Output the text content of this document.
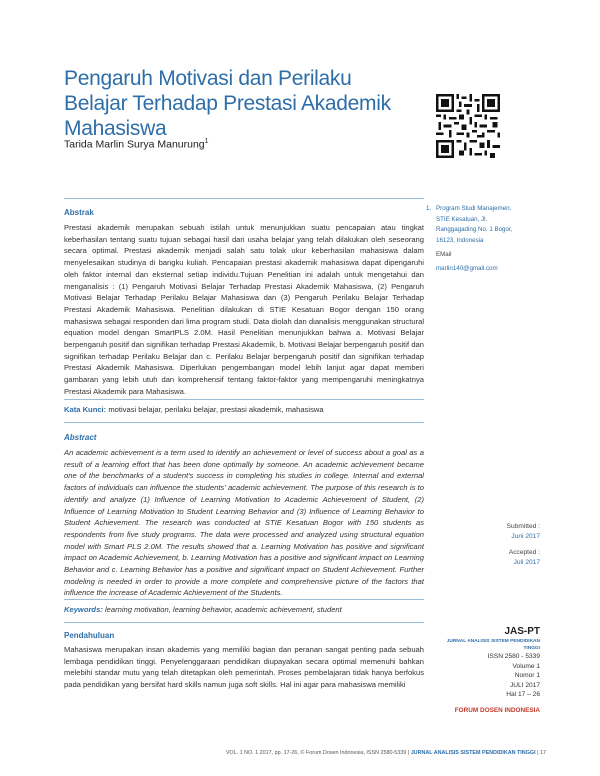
Pengaruh Motivasi dan Perilaku Belajar Terhadap Prestasi Akademik Mahasiswa
Tarida Marlin Surya Manurung$^1$
1. Program Studi Manajemen,
STIE Kesatuan, Jl.
Ranggagading No. 1 Bogor,
16123, Indonesia
EMail
marlin140@gmail.com
Abstrak

Prestasi akademik merupakan sebuah istilah untuk menunjukkan suatu pencapaian atau tingkat keberhasilan tentang suatu tujuan sebagai hasil dari usaha belajar yang telah dilakukan oleh seseorang secara optimal. Prestasi akademik menjadi salah satu tolak ukur keberhasilan mahasiswa dalam menyelesaikan studinya di bangku kuliah. Pencapaian prestasi akademik mahasiswa dapat dipengaruhi oleh faktor internal dan eksternal setiap individu.Tujuan Penelitian ini adalah untuk mengetahui dan menganalisis : (1) Pengaruh Motivasi Belajar Terhadap Prestasi Akademik Mahasiswa, (2) Pengaruh Motivasi Belajar Terhadap Perilaku Belajar Mahasiswa dan (3) Pengaruh Perilaku Belajar Terhadap Prestasi Akademik Mahasiswa. Penelitian dilakukan di STIE Kesatuan Bogor dengan 150 orang mahasiswa sebagai responden dari lima program studi. Data diolah dan dianalisis menggunakan structural equation model dengan SmartPLS 2.0M. Hasil Penelitian menunjukkan bahwa a. Motivasi Belajar berpengaruh positif dan signifikan terhadap Prestasi Akademik, b. Motivasi Belajar berpengaruh positif dan signifikan terhadap Perilaku Belajar dan c. Perilaku Belajar berpengaruh positif dan signifikan terhadap Prestasi Akademik Mahasiswa. Diperlukan pengembangan model lebih lanjut agar dapat memberi gambaran yang lebih utuh dan komprehensif tentang faktor-faktor yang mempengaruhi meningkatnya Prestasi Akademik para Mahasiswa.

Kata Kunci: motivasi belajar, perilaku belajar, prestasi akademik, mahasiswa
Abstract

An academic achievement is a term used to identify an achievement or level of success about a goal as a result of a learning effort that has been done optimally by someone. An academic achievement became one of the benchmarks of a student's success in completing his studies in college. Internal and external factors of individuals can influence the students' academic achievement. The purpose of this research is to identify and analyze (1) Influence of Learning Motivation to Academic Achievement of Student, (2) Influence of Learning Motivation to Student Learning Behavior and (3) Influence of Learning Behavior to Student Achievement. The research was conducted at STIE Kesatuan Bogor with 150 students as respondents from five study programs. The data were processed and analyzed using structural equation model with Smart PLS 2.0M. The results showed that a. Learning Motivation has positive and significant impact on Academic Achievement, b. Learning Motivation has a positive and significant impact on Learning Behavior and c. Learning Behavior has a positive and significant impact on Student Achievement. Further modeling is needed in order to provide a more complete and comprehensive picture of the factors that influence the increase of Academic Achievement of the Students.

Keywords: learning motivation, learning behavior, academic achievement, student
Pendahuluan

Mahasiswa merupakan insan akademis yang memiliki bagian dan peranan sangat penting pada sebuah lembaga pendidikan tinggi. Penyelenggaraan pendidikan diupayakan secara optimal memenuhi bahkan melebihi standar mutu yang telah ditetapkan oleh pemerintah. Proses pembelajaran tidak hanya berfokus pada pendidikan yang bersifat hard skills namun juga soft skills. Hal ini agar para mahasiswa memiliki

Submitted :
Juni 2017
Accepted :
Juli 2017
JAS-PT
JURNAL ANALISIS SISTEM PENDIDIKAN TINGGI
ISSN 2580 - 5339
Volume 1
Nomor 1
JULI 2017
Hal 17 – 26
FORUM DOSEN INDONESIA
VOL. 1 NO. 1 2017, pp. 17-26, © Forum Dosen Indonesia, ISSN 2580-5339 | JURNAL ANALISIS SISTEM PENDIDIKAN TINGGI | 17
